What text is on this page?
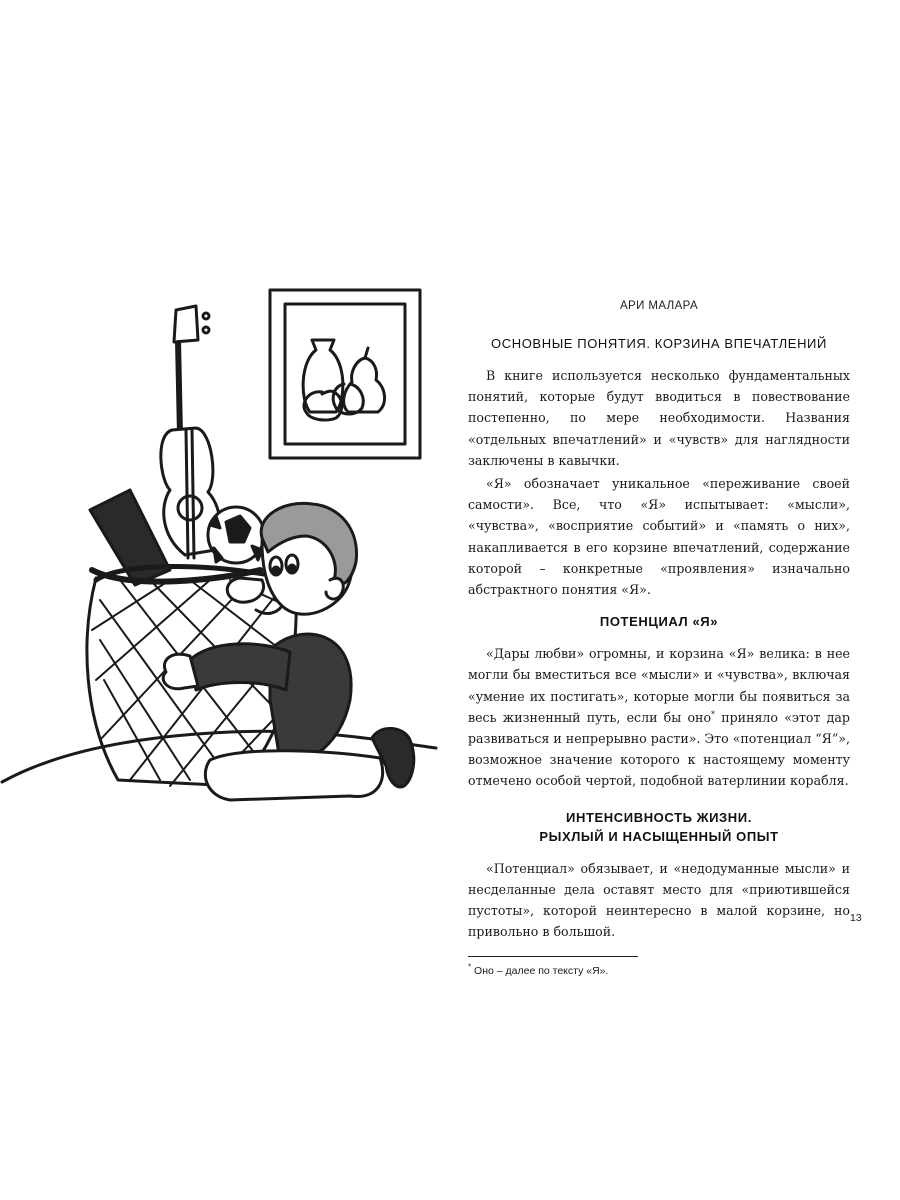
АРИ МАЛАРА

ОСНОВНЫЕ ПОНЯТИЯ. КОРЗИНА ВПЕЧАТЛЕНИЙ

В книге используется несколько фундаментальных понятий, которые будут вводиться в повествование постепенно, по мере необходимости. Названия «отдельных впечатлений» и «чувств» для наглядности заключены в кавычки.

«Я» обозначает уникальное «переживание своей самости». Все, что «Я» испытывает: «мысли», «чувства», «восприятие событий» и «память о них», накапливается в его корзине впечатлений, содержание которой – конкретные «проявления» изначально абстрактного понятия «Я».

ПОТЕНЦИАЛ «Я»

«Дары любви» огромны, и корзина «Я» велика: в нее могли бы вместиться все «мысли» и «чувства», включая «умение их постигать», которые могли бы появиться за весь жизненный путь, если бы оно* приняло «этот дар развиваться и непрерывно расти». Это «потенциал “Я”», возможное значение которого к настоящему моменту отмечено особой чертой, подобной ватерлинии корабля.

ИНТЕНСИВНОСТЬ ЖИЗНИ.
РЫХЛЫЙ И НАСЫЩЕННЫЙ ОПЫТ

«Потенциал» обязывает, и «недодуманные мысли» и несделанные дела оставят место для «приютившейся пустоты», которой неинтересно в малой корзине, но привольно в большой.

* Оно – далее по тексту «Я».

13
